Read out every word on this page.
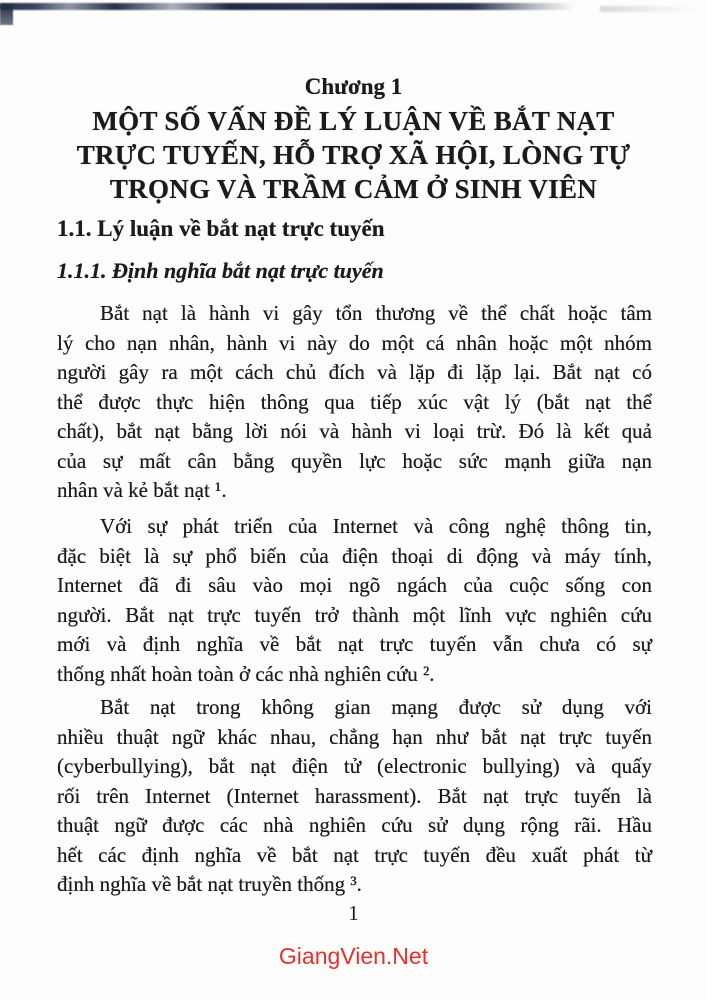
Chương 1
MỘT SỐ VẤN ĐỀ LÝ LUẬN VỀ BẮT NẠT
TRỰC TUYẾN, HỖ TRỢ XÃ HỘI, LÒNG TỰ
TRỌNG VÀ TRẦM CẢM Ở SINH VIÊN
1.1. Lý luận về bắt nạt trực tuyến
1.1.1. Định nghĩa bắt nạt trực tuyến
Bắt nạt là hành vi gây tổn thương về thể chất hoặc tâm
lý cho nạn nhân, hành vi này do một cá nhân hoặc một nhóm
người gây ra một cách chủ đích và lặp đi lặp lại. Bắt nạt có
thể được thực hiện thông qua tiếp xúc vật lý (bắt nạt thể
chất), bắt nạt bằng lời nói và hành vi loại trừ. Đó là kết quả
của sự mất cân bằng quyền lực hoặc sức mạnh giữa nạn
nhân và kẻ bắt nạt ¹.
Với sự phát triển của Internet và công nghệ thông tin,
đặc biệt là sự phổ biến của điện thoại di động và máy tính,
Internet đã đi sâu vào mọi ngõ ngách của cuộc sống con
người. Bắt nạt trực tuyến trở thành một lĩnh vực nghiên cứu
mới và định nghĩa về bắt nạt trực tuyến vẫn chưa có sự
thống nhất hoàn toàn ở các nhà nghiên cứu ².
Bắt nạt trong không gian mạng được sử dụng với
nhiều thuật ngữ khác nhau, chẳng hạn như bắt nạt trực tuyến
(cyberbullying), bắt nạt điện tử (electronic bullying) và quấy
rối trên Internet (Internet harassment). Bắt nạt trực tuyến là
thuật ngữ được các nhà nghiên cứu sử dụng rộng rãi. Hầu
hết các định nghĩa về bắt nạt trực tuyến đều xuất phát từ
định nghĩa về bắt nạt truyền thống ³.
1
GiangVien.Net
